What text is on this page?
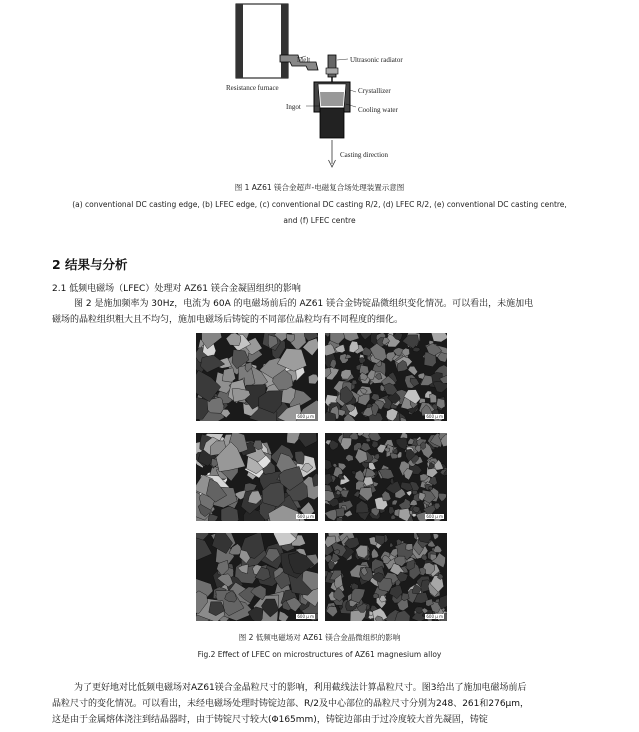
Melt	Ultrasonic radiator
Resistance furnace	Crystallizer
Ingot	Cooling water
Casting direction
图 1 AZ61 镁合金超声-电磁复合场处理装置示意图
(a) conventional DC casting edge, (b) LFEC edge, (c) conventional DC casting R/2, (d) LFEC R/2, (e) conventional DC casting centre,
and (f) LFEC centre
2 结果与分析
2.1 低频电磁场（LFEC）处理对 AZ61 镁合金凝固组织的影响
图 2 是施加频率为 30Hz，电流为 60A 的电磁场前后的 AZ61 镁合金铸锭晶微组织变化情况。可以看出，未施加电
磁场的晶粒组织粗大且不均匀，施加电磁场后铸锭的不同部位晶粒均有不同程度的细化。
600 μ m	600 μ m
600 μ m	600 μ m
600 μ m	600 μ m
图 2 低频电磁场对 AZ61 镁合金晶微组织的影响
Fig.2 Effect of LFEC on microstructures of AZ61 magnesium alloy
为了更好地对比低频电磁场对AZ61镁合金晶粒尺寸的影响，利用截线法计算晶粒尺寸。图3给出了施加电磁场前后
晶粒尺寸的变化情况。可以看出，未经电磁场处理时铸锭边部、R/2及中心部位的晶粒尺寸分别为248、261和276μm，
这是由于金属熔体浇注到结晶器时，由于铸锭尺寸较大(Φ165mm)，铸锭边部由于过冷度较大首先凝固，铸锭
